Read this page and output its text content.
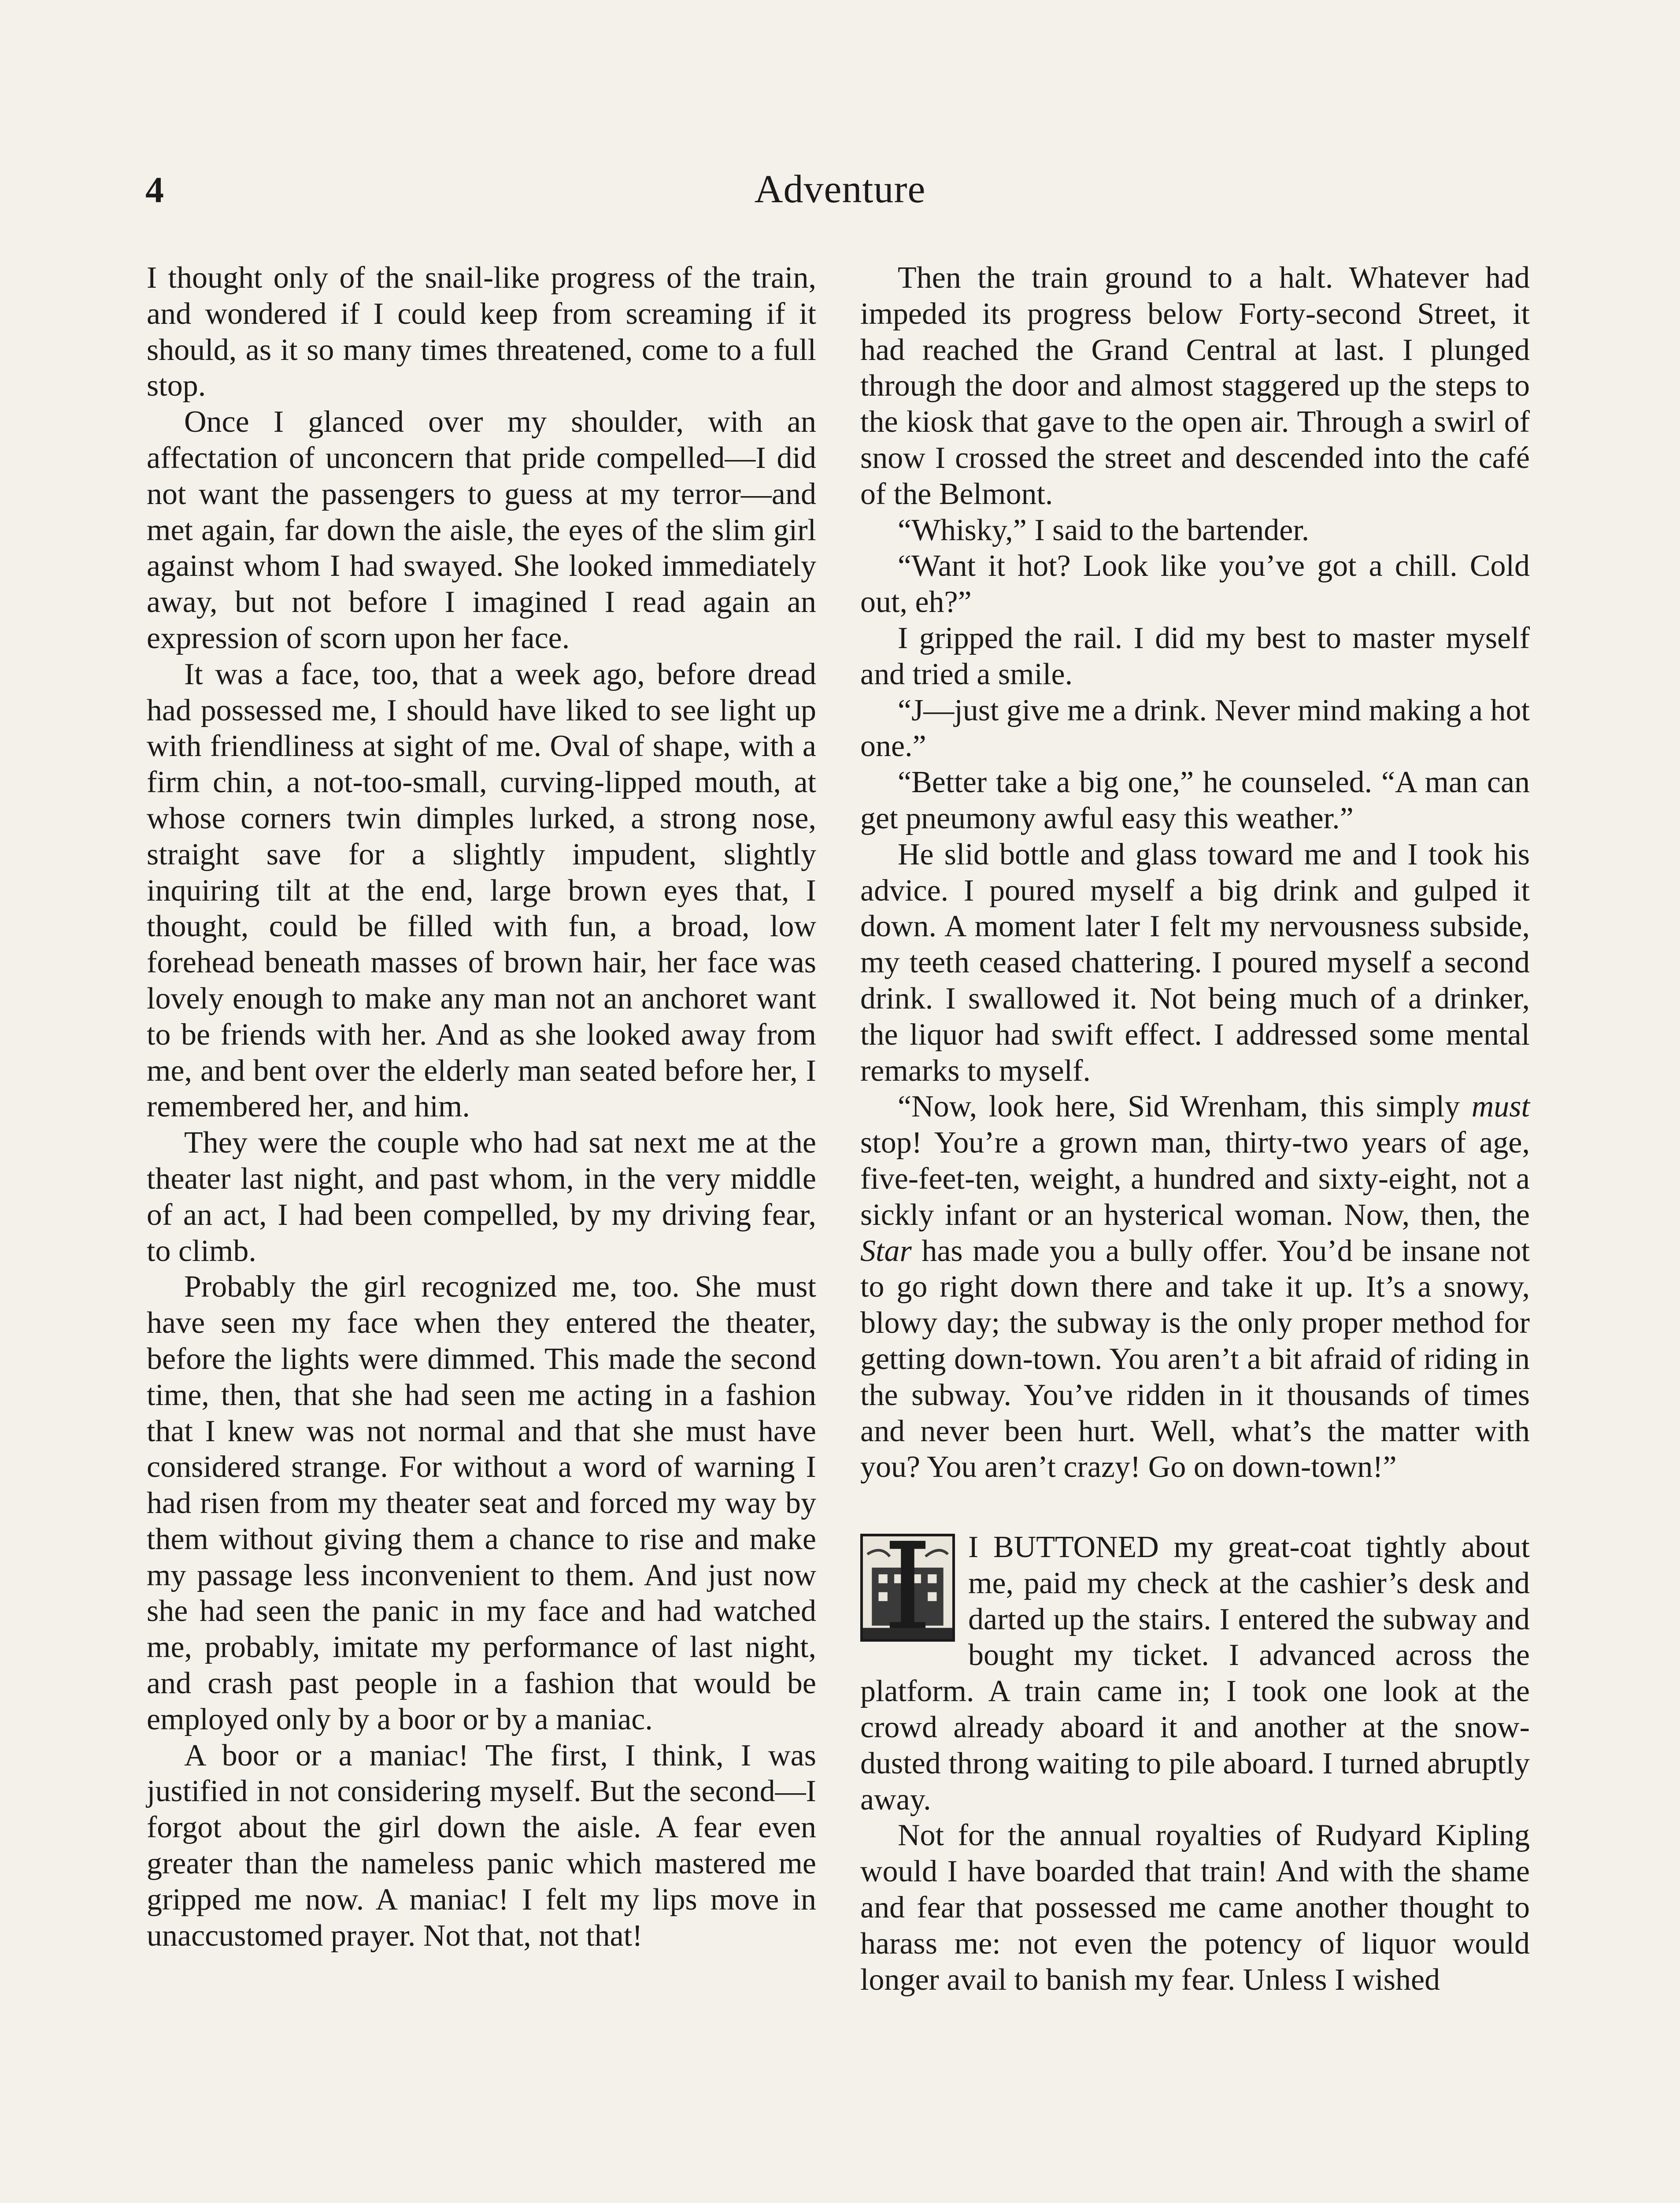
4	Adventure

I thought only of the snail-like progress of the train, and wondered if I could keep from screaming if it should, as it so many times threatened, come to a full stop.

Once I glanced over my shoulder, with an affectation of unconcern that pride compelled—I did not want the passengers to guess at my terror—and met again, far down the aisle, the eyes of the slim girl against whom I had swayed. She looked immediately away, but not before I imagined I read again an expression of scorn upon her face.

It was a face, too, that a week ago, before dread had possessed me, I should have liked to see light up with friendliness at sight of me. Oval of shape, with a firm chin, a not-too-small, curving-lipped mouth, at whose corners twin dimples lurked, a strong nose, straight save for a slightly impudent, slightly inquiring tilt at the end, large brown eyes that, I thought, could be filled with fun, a broad, low forehead beneath masses of brown hair, her face was lovely enough to make any man not an anchoret want to be friends with her. And as she looked away from me, and bent over the elderly man seated before her, I remembered her, and him.

They were the couple who had sat next me at the theater last night, and past whom, in the very middle of an act, I had been compelled, by my driving fear, to climb.

Probably the girl recognized me, too. She must have seen my face when they entered the theater, before the lights were dimmed. This made the second time, then, that she had seen me acting in a fashion that I knew was not normal and that she must have considered strange. For without a word of warning I had risen from my theater seat and forced my way by them without giving them a chance to rise and make my passage less inconvenient to them. And just now she had seen the panic in my face and had watched me, probably, imitate my performance of last night, and crash past people in a fashion that would be employed only by a boor or by a maniac.

A boor or a maniac! The first, I think, I was justified in not considering myself. But the second—I forgot about the girl down the aisle. A fear even greater than the nameless panic which mastered me gripped me now. A maniac! I felt my lips move in unaccustomed prayer. Not that, not that!

Then the train ground to a halt. Whatever had impeded its progress below Forty-second Street, it had reached the Grand Central at last. I plunged through the door and almost staggered up the steps to the kiosk that gave to the open air. Through a swirl of snow I crossed the street and descended into the café of the Belmont.

“Whisky,” I said to the bartender.

“Want it hot? Look like you’ve got a chill. Cold out, eh?”

I gripped the rail. I did my best to master myself and tried a smile.

“J—just give me a drink. Never mind making a hot one.”

“Better take a big one,” he counseled. “A man can get pneumony awful easy this weather.”

He slid bottle and glass toward me and I took his advice. I poured myself a big drink and gulped it down. A moment later I felt my nervousness subside, my teeth ceased chattering. I poured myself a second drink. I swallowed it. Not being much of a drinker, the liquor had swift effect. I addressed some mental remarks to myself.

“Now, look here, Sid Wrenham, this simply must stop! You’re a grown man, thirty-two years of age, five-feet-ten, weight, a hundred and sixty-eight, not a sickly infant or an hysterical woman. Now, then, the Star has made you a bully offer. You’d be insane not to go right down there and take it up. It’s a snowy, blowy day; the subway is the only proper method for getting down-town. You aren’t a bit afraid of riding in the subway. You’ve ridden in it thousands of times and never been hurt. Well, what’s the matter with you? You aren’t crazy! Go on down-town!”

I BUTTONED my great-coat tightly about me, paid my check at the cashier’s desk and darted up the stairs. I entered the subway and bought my ticket. I advanced across the platform. A train came in; I took one look at the crowd already aboard it and another at the snow-dusted throng waiting to pile aboard. I turned abruptly away.

Not for the annual royalties of Rudyard Kipling would I have boarded that train! And with the shame and fear that possessed me came another thought to harass me: not even the potency of liquor would longer avail to banish my fear. Unless I wished
